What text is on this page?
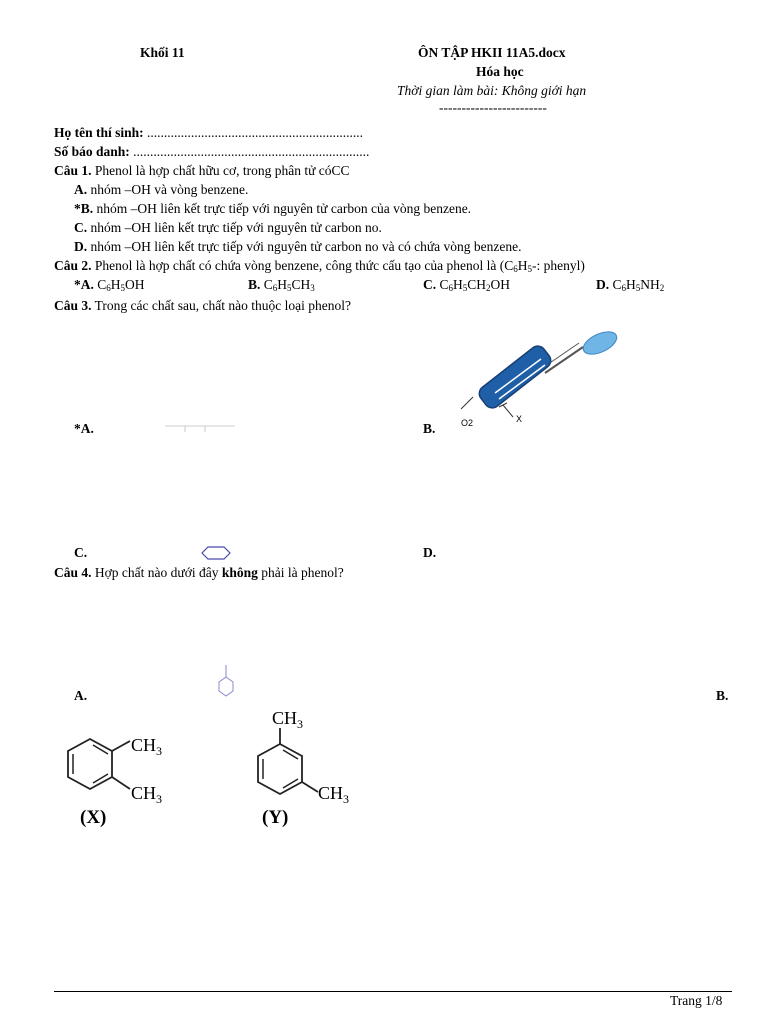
Khối 11	ÔN TẬP HKII 11A5.docx
Hóa học
Thời gian làm bài: Không giới hạn
------------------------
Họ tên thí sinh: ................................................................
Số báo danh: ......................................................................
Câu 1. Phenol là hợp chất hữu cơ, trong phân tử cóCC
A. nhóm –OH và vòng benzene.
*B. nhóm –OH liên kết trực tiếp với nguyên tử carbon của vòng benzene.
C. nhóm –OH liên kết trực tiếp với nguyên tử carbon no.
D. nhóm –OH liên kết trực tiếp với nguyên tử carbon no và có chứa vòng benzene.
Câu 2. Phenol là hợp chất có chứa vòng benzene, công thức cấu tạo của phenol là ($C_6H_5-$: phenyl)
*A. $C_6H_5OH$	B. $C_6H_5CH_3$	C. $C_6H_5CH_2OH$	D. $C_6H_5NH_2$
Câu 3. Trong các chất sau, chất nào thuộc loại phenol?
O2	X
*A.	B.
C.	D.
Câu 4. Hợp chất nào dưới đây không phải là phenol?
A.	B.
$CH_3$
$CH_3$
(X)
$CH_3$
$CH_3$
(Y)
Trang 1/8
